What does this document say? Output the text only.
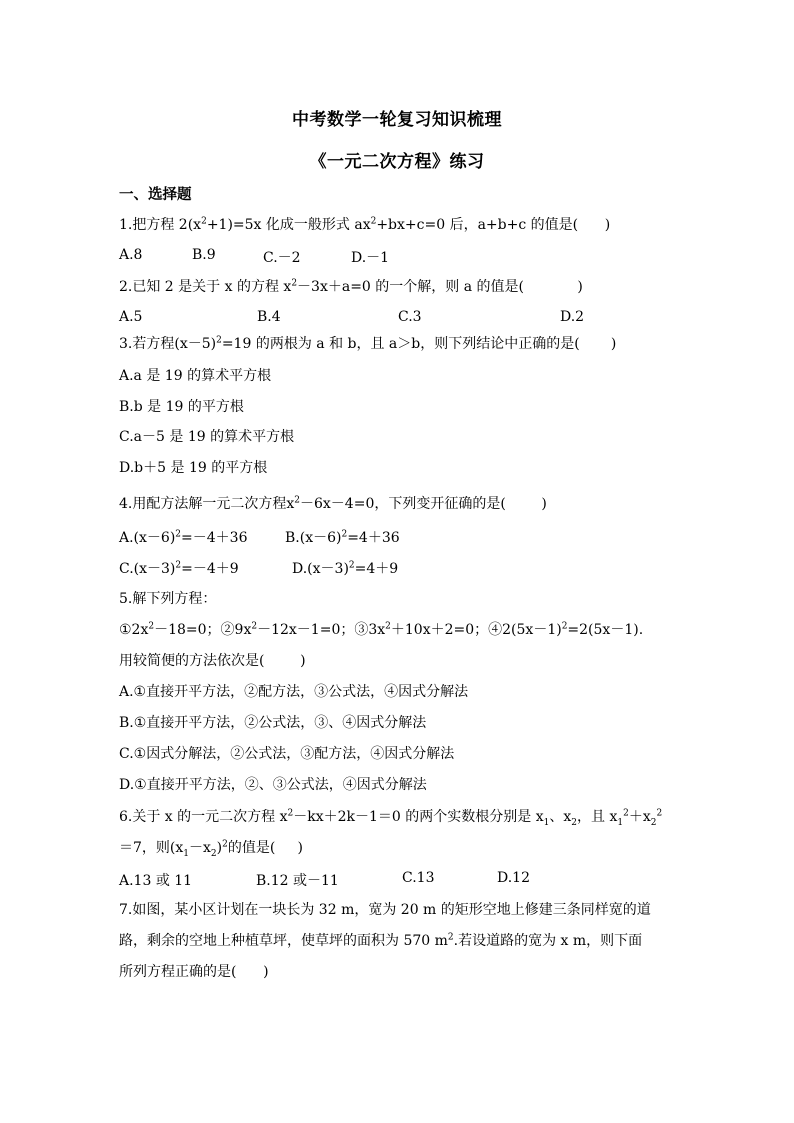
中考数学一轮复习知识梳理
《一元二次方程》练习
一、选择题
1.把方程 $2(x^2+1)=5x$ 化成一般形式 $ax^2+bx+c=0$ 后，a+b+c 的值是(      )
A.8	B.9	C.－2	D.－1
2.已知 2 是关于 x 的方程 $x^2-3x+a=0$ 的一个解，则 a 的值是(            )
A.5	B.4	C.3	D.2
3.若方程$(x-5)^2=19$ 的两根为 a 和 b，且 a＞b，则下列结论中正确的是(       )
A.a 是 19 的算术平方根
B.b 是 19 的平方根
C.a－5 是 19 的算术平方根
D.b＋5 是 19 的平方根
4.用配方法解一元二次方程$x^2-6x-4=0$，下列变开征确的是(        )
$A.(x-6)^2=-4+36$	$B.(x-6)^2=4+36$
$C.(x-3)^2=-4+9$	$D.(x-3)^2=4+9$
5.解下列方程：
$①2x^2-18=0$；$②9x^2-12x-1=0$；$③3x^2+10x+2=0$；$④2(5x-1)^2=2(5x-1)$.
用较简便的方法依次是(        )
A.①直接开平方法，②配方法，③公式法，④因式分解法
B.①直接开平方法，②公式法，③、④因式分解法
C.①因式分解法，②公式法，③配方法，④因式分解法
D.①直接开平方法，②、③公式法，④因式分解法
6.关于 x 的一元二次方程 $x^2-kx+2k-1=0$ 的两个实数根分别是 $x_1$、$x_2$，且 $x_1^2+x_2^2$
＝7，则$(x_1-x_2)^2$的值是(     )
A.13 或 11	B.12 或－11	C.13	D.12
7.如图，某小区计划在一块长为 32 m，宽为 20 m 的矩形空地上修建三条同样宽的道
路，剩余的空地上种植草坪，使草坪的面积为 570 $m^2$.若设道路的宽为 x m，则下面
所列方程正确的是(      )
